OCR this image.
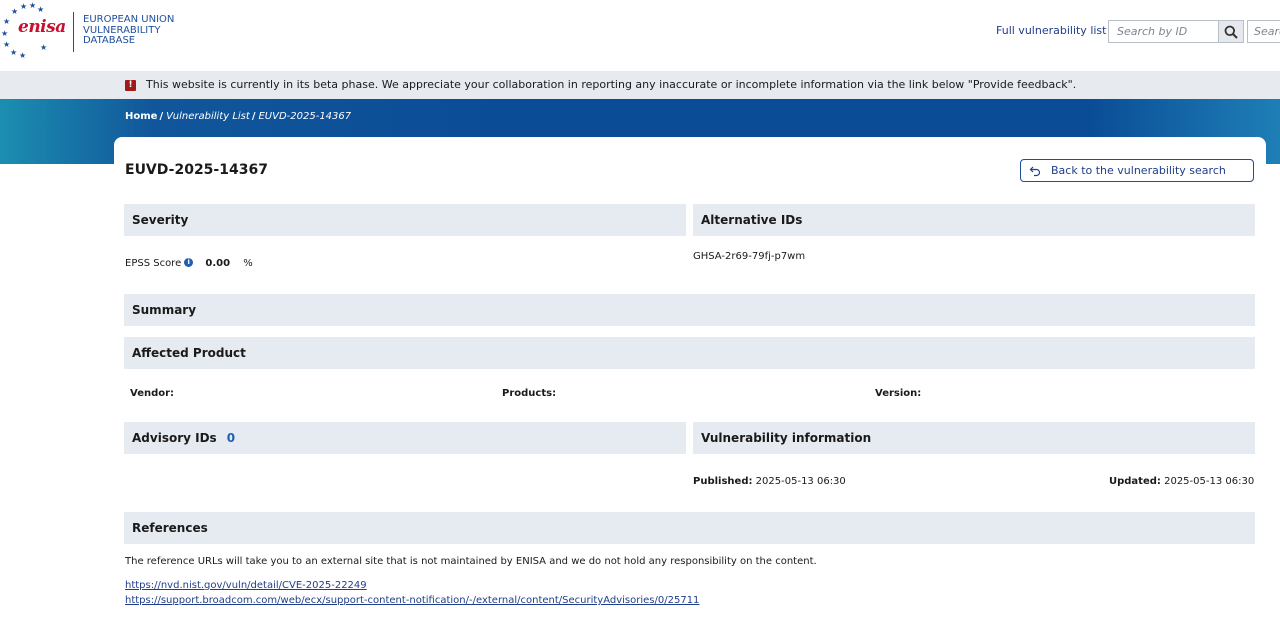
★ ★ ★
★
★
★
★
★ ★
★
enisa EUROPEAN UNION
VULNERABILITY
DATABASE
Full vulnerability list
Search by ID
Search
!	This website is currently in its beta phase. We appreciate your collaboration in reporting any inaccurate or incomplete information via the link below "Provide feedback".
Home / Vulnerability List / EUVD-2025-14367
EUVD-2025-14367	Back to the vulnerability search
Severity
EPSS Score i 0.00 %
Alternative IDs
GHSA-2r69-79fj-p7wm
Summary
Affected Product
Vendor:	Products:	Version:
Advisory IDs 0	Vulnerability information
Published: 2025-05-13 06:30	Updated: 2025-05-13 06:30
References
The reference URLs will take you to an external site that is not maintained by ENISA and we do not hold any responsibility on the content.
https://nvd.nist.gov/vuln/detail/CVE-2025-22249
https://support.broadcom.com/web/ecx/support-content-notification/-/external/content/SecurityAdvisories/0/25711
